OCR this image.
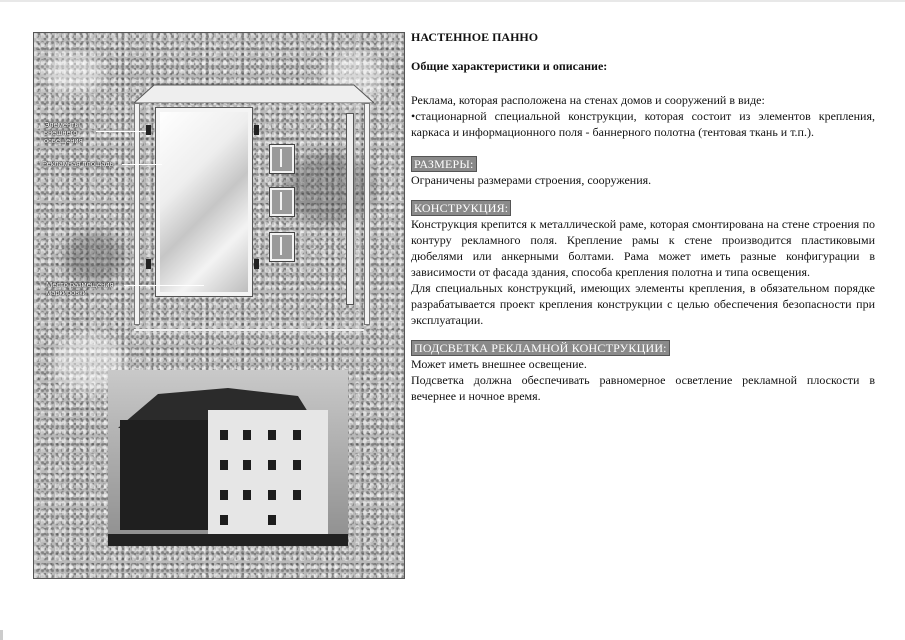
Элементы
внешнего
освещения
Рекламная площадь
Место размещения
маркировки

НАСТЕННОЕ ПАННО

Общие характеристики и описание:

Реклама, которая расположена на стенах домов и сооружений в виде:

•стационарной специальной конструкции, которая состоит из элементов крепления, каркаса и информационного поля - баннерного полотна (тентовая ткань и т.п.).

РАЗМЕРЫ:

Ограничены размерами строения, сооружения.

КОНСТРУКЦИЯ:

Конструкция крепится к металлической раме, которая смонтирована на стене строения по контуру рекламного поля. Крепление рамы к стене производится пластиковыми дюбелями или анкерными болтами. Рама может иметь разные конфигурации в зависимости от фасада здания, способа крепления полотна и типа освещения.

Для специальных конструкций, имеющих элементы крепления, в обязательном порядке разрабатывается проект крепления конструкции с целью обеспечения безопасности при эксплуатации.

ПОДСВЕТКА РЕКЛАМНОЙ КОНСТРУКЦИИ:

Может иметь внешнее освещение.

Подсветка должна обеспечивать равномерное осветление рекламной плоскости в вечернее и ночное время.
